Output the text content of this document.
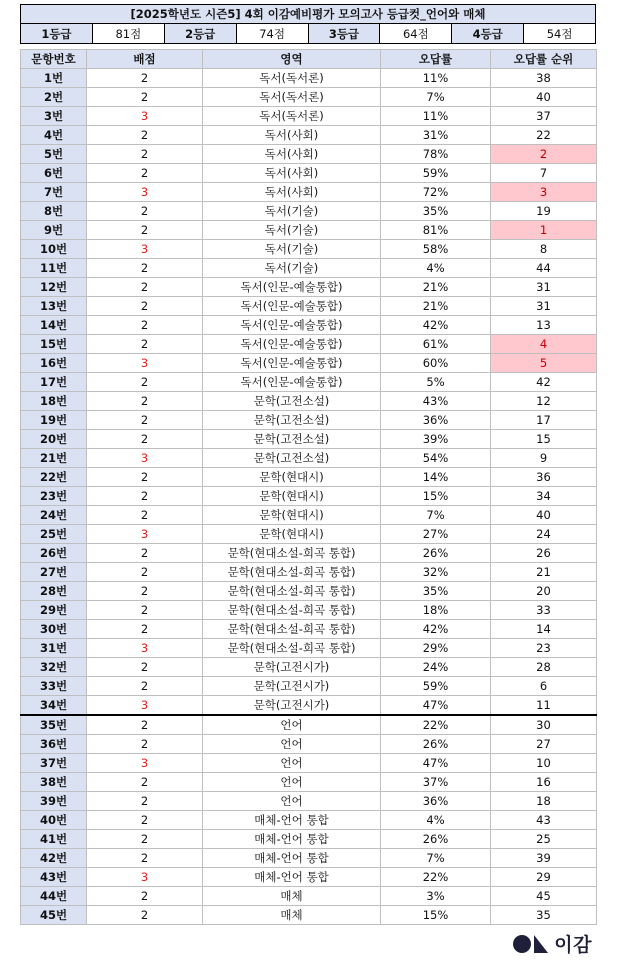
[2025학년도 시즌5] 4회 이감예비평가 모의고사 등급컷_언어와 매체
1등급	81점	2등급	74점	3등급	64점	4등급	54점
문항번호	배점	영역	오답률	오답률 순위
1번	2	독서(독서론)	11%	38
2번	2	독서(독서론)	7%	40
3번	3	독서(독서론)	11%	37
4번	2	독서(사회)	31%	22
5번	2	독서(사회)	78%	2
6번	2	독서(사회)	59%	7
7번	3	독서(사회)	72%	3
8번	2	독서(기술)	35%	19
9번	2	독서(기술)	81%	1
10번	3	독서(기술)	58%	8
11번	2	독서(기술)	4%	44
12번	2	독서(인문-예술통합)	21%	31
13번	2	독서(인문-예술통합)	21%	31
14번	2	독서(인문-예술통합)	42%	13
15번	2	독서(인문-예술통합)	61%	4
16번	3	독서(인문-예술통합)	60%	5
17번	2	독서(인문-예술통합)	5%	42
18번	2	문학(고전소설)	43%	12
19번	2	문학(고전소설)	36%	17
20번	2	문학(고전소설)	39%	15
21번	3	문학(고전소설)	54%	9
22번	2	문학(현대시)	14%	36
23번	2	문학(현대시)	15%	34
24번	2	문학(현대시)	7%	40
25번	3	문학(현대시)	27%	24
26번	2	문학(현대소설-희곡 통합)	26%	26
27번	2	문학(현대소설-희곡 통합)	32%	21
28번	2	문학(현대소설-희곡 통합)	35%	20
29번	2	문학(현대소설-희곡 통합)	18%	33
30번	2	문학(현대소설-희곡 통합)	42%	14
31번	3	문학(현대소설-희곡 통합)	29%	23
32번	2	문학(고전시가)	24%	28
33번	2	문학(고전시가)	59%	6
34번	3	문학(고전시가)	47%	11
35번	2	언어	22%	30
36번	2	언어	26%	27
37번	3	언어	47%	10
38번	2	언어	37%	16
39번	2	언어	36%	18
40번	2	매체-언어 통합	4%	43
41번	2	매체-언어 통합	26%	25
42번	2	매체-언어 통합	7%	39
43번	3	매체-언어 통합	22%	29
44번	2	매체	3%	45
45번	2	매체	15%	35
이감
